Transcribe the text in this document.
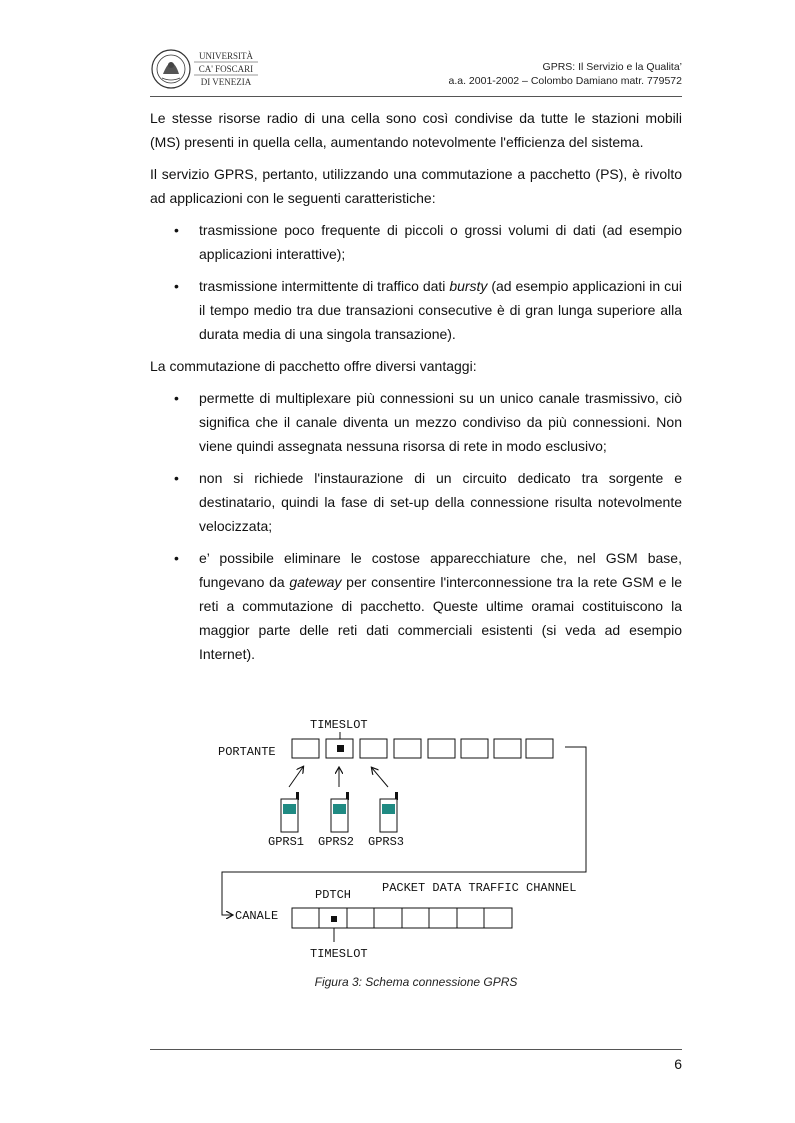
UNIVERSITÀ
CA' FOSCARI
DI VENEZIA
GPRS: Il Servizio e la Qualita’
a.a. 2001-2002 – Colombo Damiano matr. 779572

Le stesse risorse radio di una cella sono così condivise da tutte le stazioni mobili (MS) presenti in quella cella, aumentando notevolmente l'efficienza del sistema.

Il servizio GPRS, pertanto, utilizzando una commutazione a pacchetto (PS), è rivolto ad applicazioni con le seguenti caratteristiche:

• trasmissione poco frequente di piccoli o grossi volumi di dati (ad esempio applicazioni interattive);
• trasmissione intermittente di traffico dati bursty (ad esempio applicazioni in cui il tempo medio tra due transazioni consecutive è di gran lunga superiore alla durata media di una singola transazione).

La commutazione di pacchetto offre diversi vantaggi:

• permette di multiplexare più connessioni su un unico canale trasmissivo, ciò significa che il canale diventa un mezzo condiviso da più connessioni. Non viene quindi assegnata nessuna risorsa di rete in modo esclusivo;
• non si richiede l'instaurazione di un circuito dedicato tra sorgente e destinatario, quindi la fase di set-up della connessione risulta notevolmente velocizzata;
• e’ possibile eliminare le costose apparecchiature che, nel GSM base, fungevano da gateway per consentire l'interconnessione tra la rete GSM e le reti a commutazione di pacchetto. Queste ultime oramai costituiscono la maggior parte delle reti dati commerciali esistenti (si veda ad esempio Internet).
TIMESLOT
PORTANTE
GPRS1 GPRS2 GPRS3
PDTCH	PACKET DATA TRAFFIC CHANNEL
CANALE
TIMESLOT
Figura 3: Schema connessione GPRS
6
